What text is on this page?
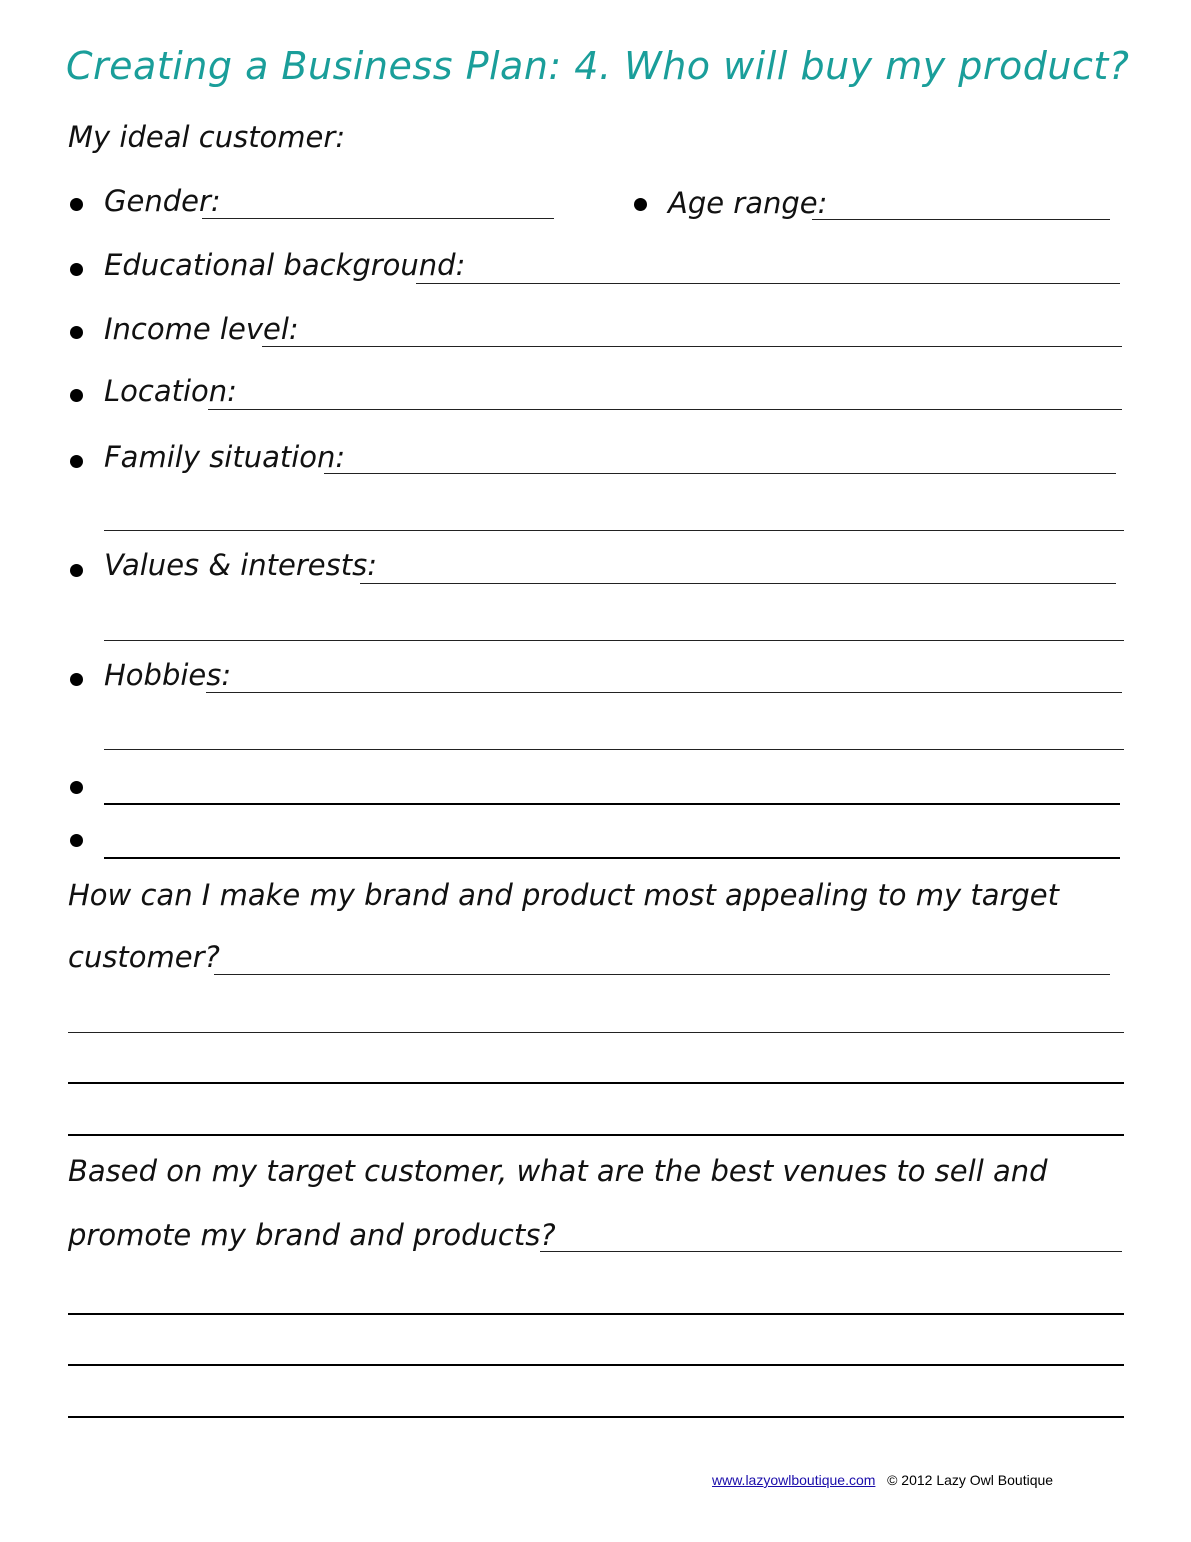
Creating a Business Plan: 4. Who will buy my product?
My ideal customer:
Gender:	Age range:
Educational background:
Income level:
Location:
Family situation:
Values & interests:
Hobbies:
How can I make my brand and product most appealing to my target
customer?
Based on my target customer, what are the best venues to sell and
promote my brand and products?
www.lazyowlboutique.com © 2012 Lazy Owl Boutique
